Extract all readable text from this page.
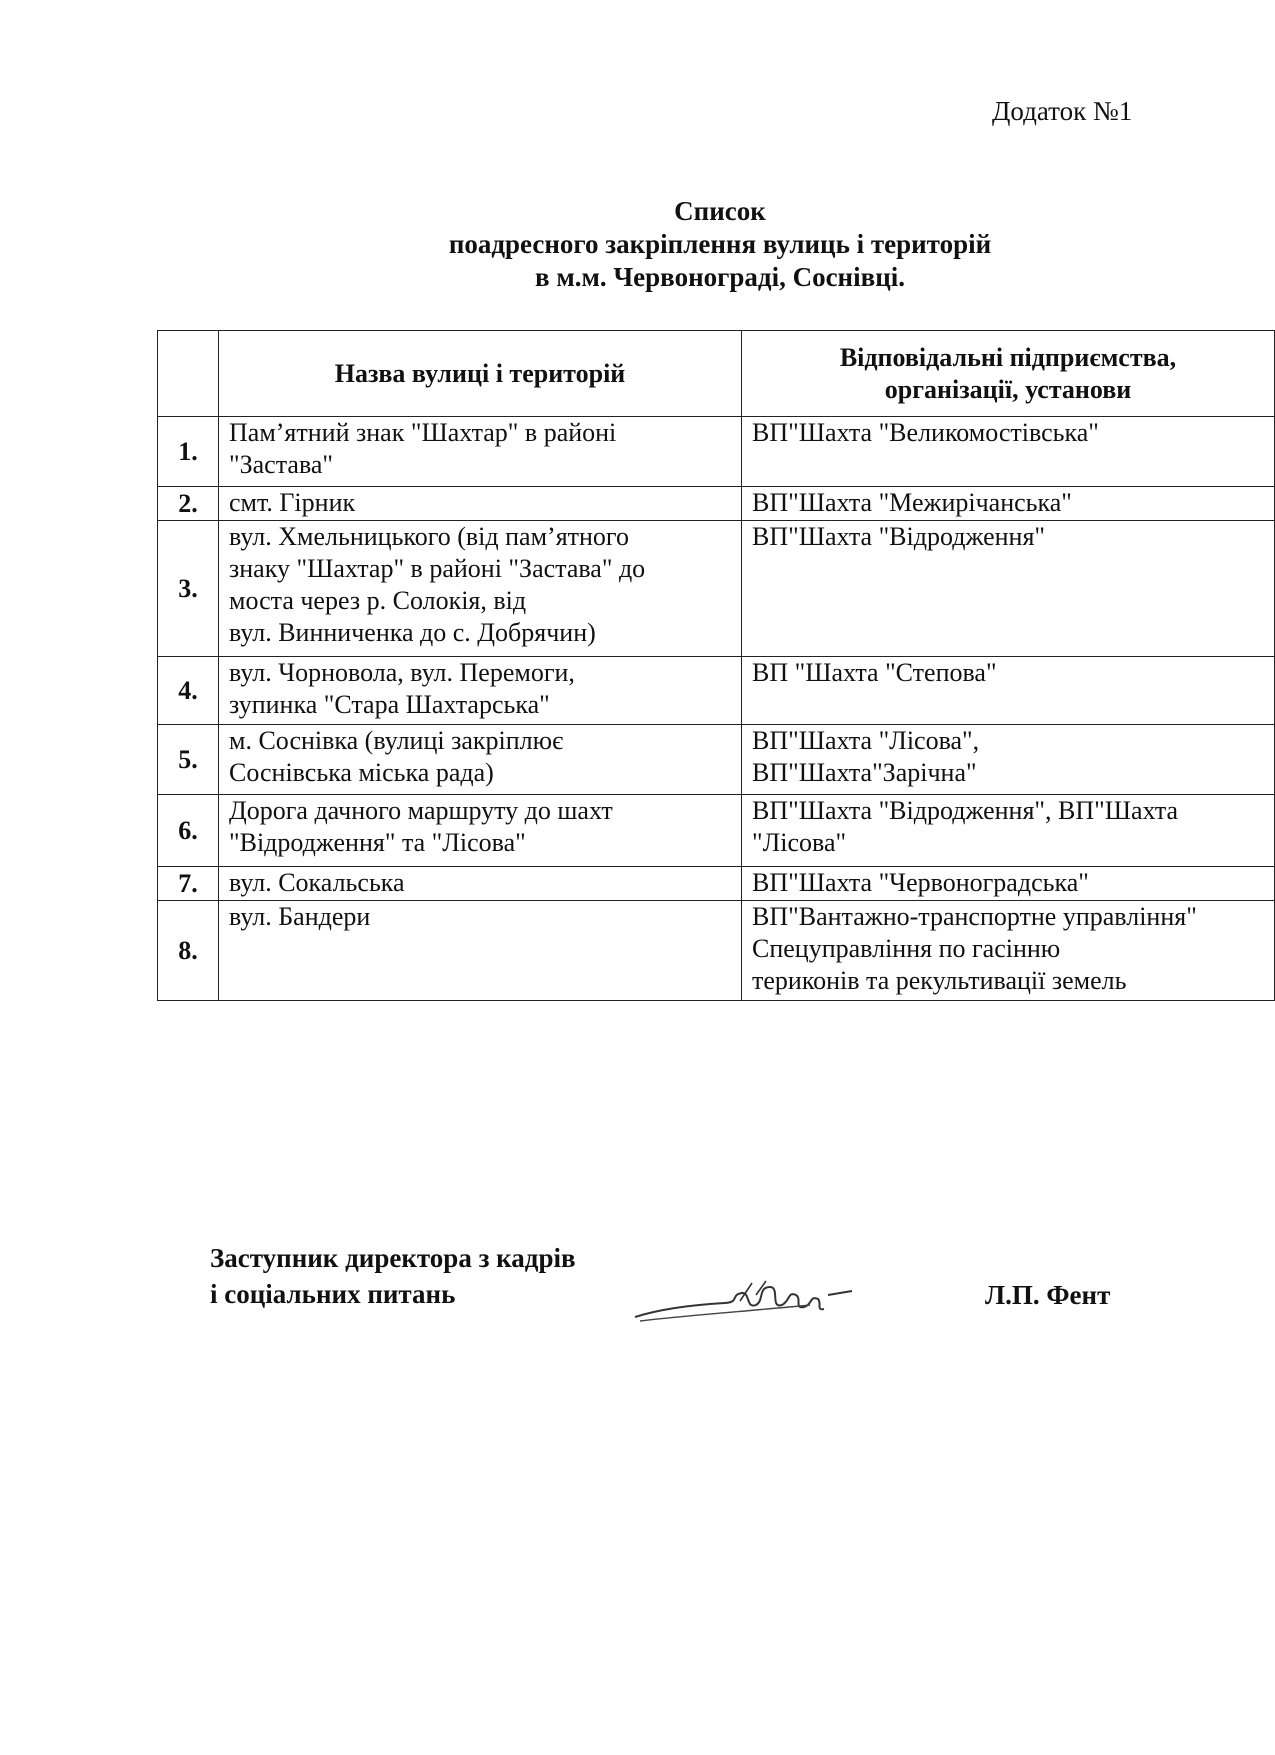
Додаток №1
Список
поадресного закріплення вулиць і територій
в м.м. Червонограді, Соснівці.
	Назва вулиці і територій	Відповідальні підприємства,
організації, установи

1.	Пам’ятний знак "Шахтар" в районі
"Застава"	ВП"Шахта "Великомостівська"

2.	смт. Гірник	ВП"Шахта "Межирічанська"

3.	вул. Хмельницького (від пам’ятного
знаку "Шахтар" в районі "Застава" до
моста через р. Солокія, від
вул. Винниченка до с. Добрячин)	ВП"Шахта "Відродження"

4.	вул. Чорновола, вул. Перемоги,
зупинка "Стара Шахтарська"	ВП "Шахта "Степова"

5.	м. Соснівка (вулиці закріплює
Соснівська міська рада)	ВП"Шахта "Лісова",
ВП"Шахта"Зарічна"

6.	Дорога дачного маршруту до шахт
"Відродження" та "Лісова"	ВП"Шахта "Відродження", ВП"Шахта
"Лісова"

7.	вул. Сокальська	ВП"Шахта "Червоноградська"

8.	вул. Бандери	ВП"Вантажно-транспортне управління"
Спецуправління по гасінню
териконів та рекультивації земель
Заступник директора з кадрів
і соціальних питань	Л.П. Фент
